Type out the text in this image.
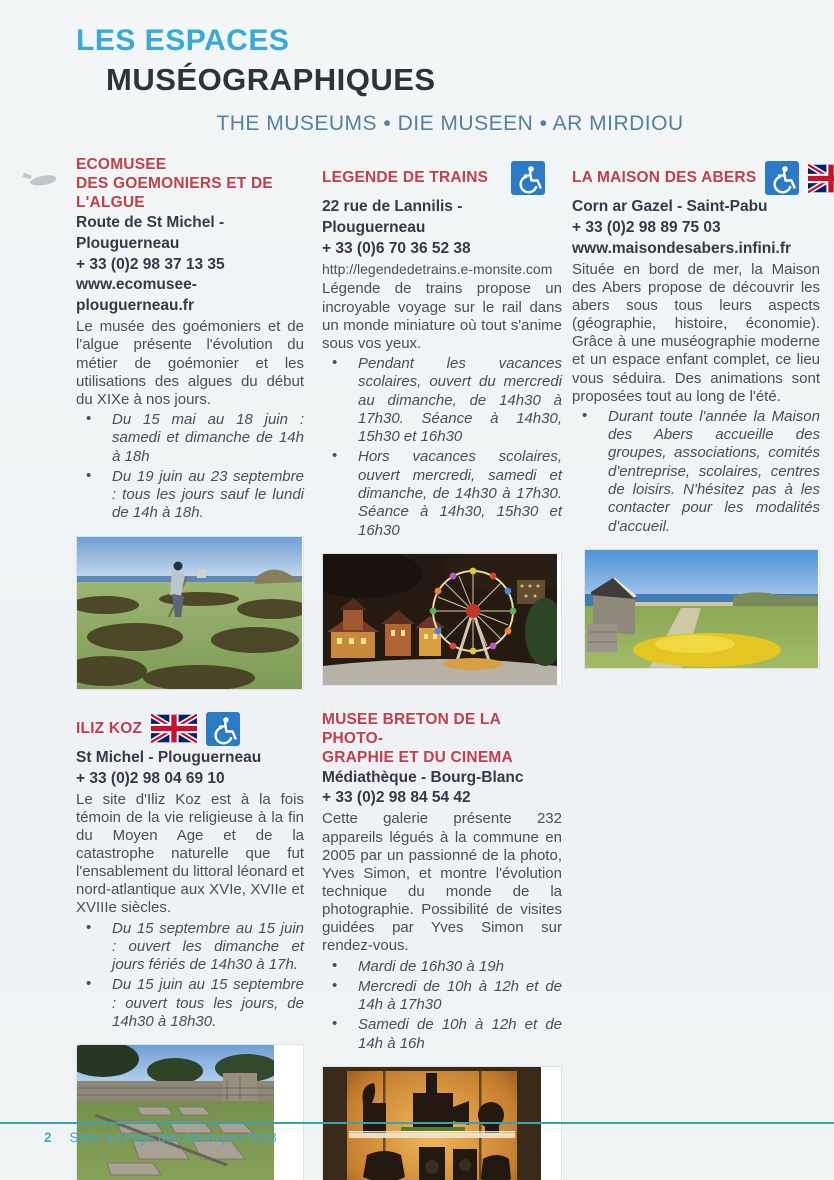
LES ESPACES
MUSÉOGRAPHIQUES
THE MUSEUMS • DIE MUSEEN • AR MIRDIOU
ECOMUSEE
DES GOEMONIERS ET DE L'ALGUE
Route de St Michel - Plouguerneau
+ 33 (0)2 98 37 13 35
www.ecomusee-plouguerneau.fr

Le musée des goémoniers et de l'algue présente l'évolution du métier de goémonier et les utilisations des algues du début du XIXe à nos jours.

• Du 15 mai au 18 juin : samedi et dimanche de 14h à 18h
• Du 19 juin au 23 septembre : tous les jours sauf le lundi de 14h à 18h.
ILIZ KOZ
St Michel - Plouguerneau
+ 33 (0)2 98 04 69 10

Le site d'Iliz Koz est à la fois témoin de la vie religieuse à la fin du Moyen Age et de la catastrophe naturelle que fut l'ensablement du littoral léonard et nord-atlantique aux XVIe, XVIIe et XVIIIe siècles.

• Du 15 septembre au 15 juin : ouvert les dimanche et jours fériés de 14h30 à 17h.
• Du 15 juin au 15 septembre : ouvert tous les jours, de 14h30 à 18h30.
LEGENDE DE TRAINS
22 rue de Lannilis - Plouguerneau
+ 33 (0)6 70 36 52 38
http://legendedetrains.e-monsite.com

Légende de trains propose un incroyable voyage sur le rail dans un monde miniature où tout s'anime sous vos yeux.

• Pendant les vacances scolaires, ouvert du mercredi au dimanche, de 14h30 à 17h30. Séance à 14h30, 15h30 et 16h30
• Hors vacances scolaires, ouvert mercredi, samedi et dimanche, de 14h30 à 17h30. Séance à 14h30, 15h30 et 16h30
MUSEE BRETON DE LA PHOTO-
GRAPHIE ET DU CINEMA
Médiathèque - Bourg-Blanc
+ 33 (0)2 98 84 54 42

Cette galerie présente 232 appareils légués à la commune en 2005 par un passionné de la photo, Yves Simon, et montre l'évolution technique du monde de la photographie. Possibilité de visites guidées par Yves Simon sur rendez-vous.

• Mardi de 16h30 à 19h
• Mercredi de 10h à 12h et de 14h à 17h30
• Samedi de 10h à 12h et de 14h à 16h
LA MAISON DES ABERS
Corn ar Gazel - Saint-Pabu
+ 33 (0)2 98 89 75 03
www.maisondesabers.infini.fr

Située en bord de mer, la Maison des Abers propose de découvrir les abers sous tous leurs aspects (géographie, histoire, économie). Grâce à une muséographie moderne et un espace enfant complet, ce lieu vous séduira. Des animations sont proposées tout au long de l'été.

• Durant toute l'année la Maison des Abers accueille des groupes, associations, comités d'entreprise, scolaires, centres de loisirs. N'hésitez pas à les contacter pour les modalités d'accueil.
2 Sortir au Pays des Abers juin 2018
